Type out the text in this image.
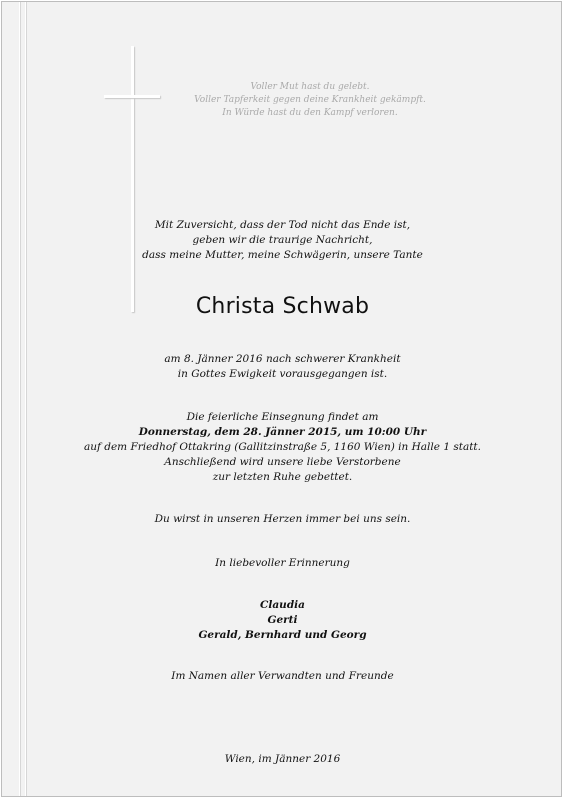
Voller Mut hast du gelebt.
Voller Tapferkeit gegen deine Krankheit gekämpft.
In Würde hast du den Kampf verloren.
Mit Zuversicht, dass der Tod nicht das Ende ist,
geben wir die traurige Nachricht,
dass meine Mutter, meine Schwägerin, unsere Tante
Christa Schwab
am 8. Jänner 2016 nach schwerer Krankheit
in Gottes Ewigkeit vorausgegangen ist.
Die feierliche Einsegnung findet am
Donnerstag, dem 28. Jänner 2015, um 10:00 Uhr
auf dem Friedhof Ottakring (Gallitzinstraße 5, 1160 Wien) in Halle 1 statt.
Anschließend wird unsere liebe Verstorbene
zur letzten Ruhe gebettet.
Du wirst in unseren Herzen immer bei uns sein.
In liebevoller Erinnerung
Claudia
Gerti
Gerald, Bernhard und Georg
Im Namen aller Verwandten und Freunde
Wien, im Jänner 2016
